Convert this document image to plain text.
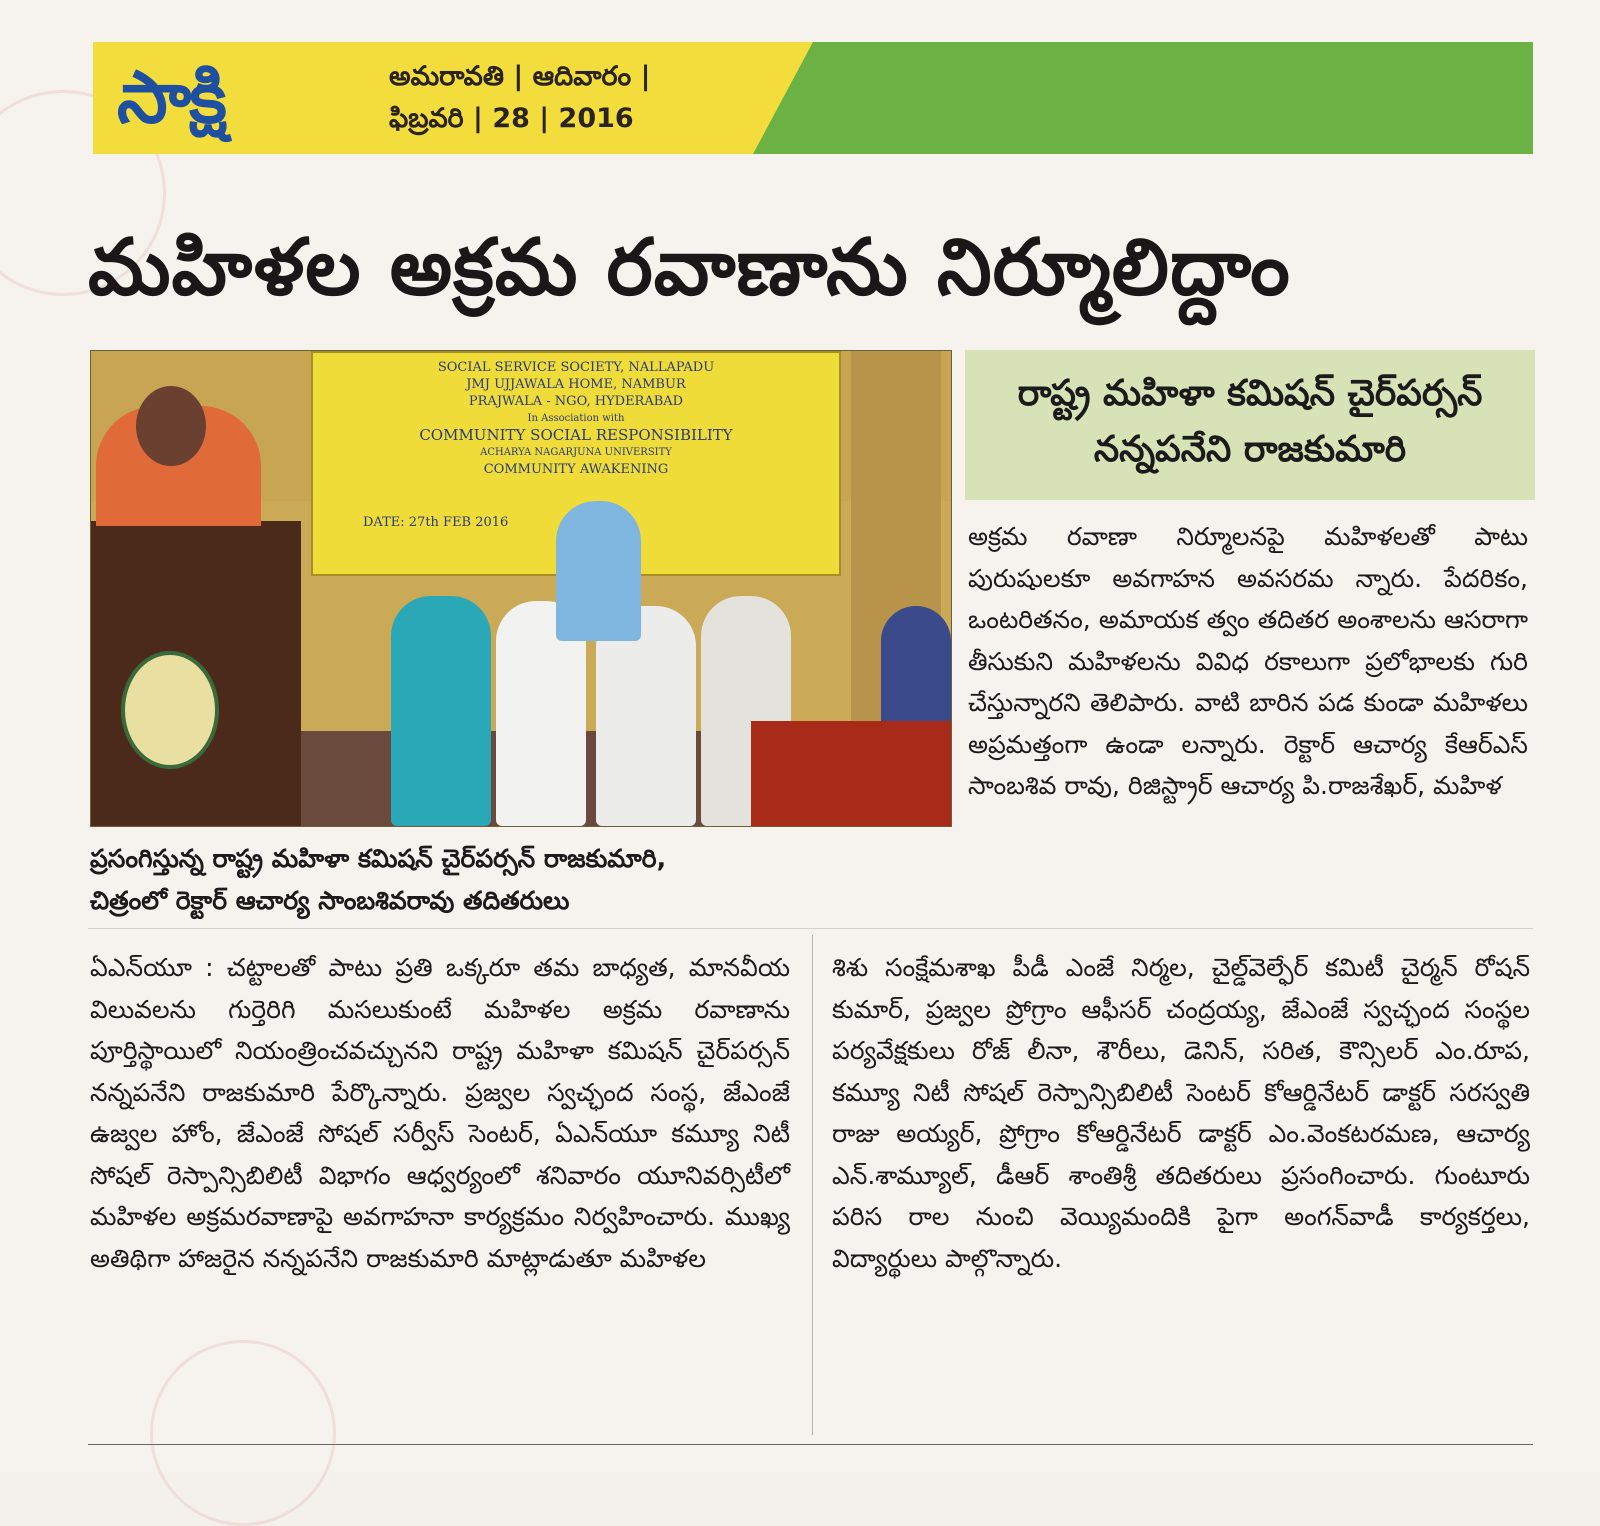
సాక్షి	అమరావతి | ఆదివారం |
ఫిబ్రవరి | 28 | 2016
మహిళల అక్రమ రవాణాను నిర్మూలిద్దాం
SOCIAL SERVICE SOCIETY, NALLAPADU
JMJ UJJAWALA HOME, NAMBUR
PRAJWALA - NGO, HYDERABAD
In Association with
COMMUNITY SOCIAL RESPONSIBILITY
ACHARYA NAGARJUNA UNIVERSITY
COMMUNITY AWAKENING
DATE: 27th FEB 2016
రాష్ట్ర మహిళా కమిషన్ చైర్‌పర్సన్
నన్నపనేని రాజకుమారి
అక్రమ రవాణా నిర్మూలనపై మహిళలతో పాటు పురుషులకూ అవగాహన అవసరమ న్నారు. పేదరికం, ఒంటరితనం, అమాయక త్వం తదితర అంశాలను ఆసరాగా తీసుకుని మహిళలను వివిధ రకాలుగా ప్రలోభాలకు గురి చేస్తున్నారని తెలిపారు. వాటి బారిన పడ కుండా మహిళలు అప్రమత్తంగా ఉండా లన్నారు. రెక్టార్ ఆచార్య కేఆర్ఎస్ సాంబశివ రావు, రిజిస్ట్రార్ ఆచార్య పి.రాజశేఖర్, మహిళ
ప్రసంగిస్తున్న రాష్ట్ర మహిళా కమిషన్ చైర్‌పర్సన్ రాజకుమారి,
చిత్రంలో రెక్టార్ ఆచార్య సాంబశివరావు తదితరులు
ఏఎన్‌యూ : చట్టాలతో పాటు ప్రతి ఒక్కరూ తమ బాధ్యత, మానవీయ విలువలను గుర్తెరిగి మసలుకుంటే మహిళల అక్రమ రవాణాను పూర్తిస్థాయిలో నియంత్రించవచ్చునని రాష్ట్ర మహిళా కమిషన్ చైర్‌పర్సన్ నన్నపనేని రాజకుమారి పేర్కొన్నారు. ప్రజ్వల స్వచ్ఛంద సంస్థ, జేఎంజే ఉజ్వల హోం, జేఎంజే సోషల్ సర్వీస్ సెంటర్, ఏఎన్‌యూ కమ్యూ నిటీ సోషల్ రెస్పాన్సిబిలిటీ విభాగం ఆధ్వర్యంలో శనివారం యూనివర్సిటీలో మహిళల అక్రమరవాణాపై అవగాహనా కార్యక్రమం నిర్వహించారు. ముఖ్య అతిథిగా హాజరైన నన్నపనేని రాజకుమారి మాట్లాడుతూ మహిళల
శిశు సంక్షేమశాఖ పీడీ ఎంజే నిర్మల, చైల్డ్‌వెల్ఫేర్ కమిటీ చైర్మన్ రోషన్ కుమార్, ప్రజ్వల ప్రోగ్రాం ఆఫీసర్ చంద్రయ్య, జేఎంజే స్వచ్ఛంద సంస్థల పర్యవేక్షకులు రోజ్ లీనా, శౌరీలు, డెనిన్, సరిత, కౌన్సిలర్ ఎం.రూప, కమ్యూ నిటీ సోషల్ రెస్పాన్సిబిలిటీ సెంటర్ కోఆర్డినేటర్ డాక్టర్ సరస్వతి రాజు అయ్యర్, ప్రోగ్రాం కోఆర్డినేటర్ డాక్టర్ ఎం.వెంకటరమణ, ఆచార్య ఎన్.శామ్యూల్, డీఆర్ శాంతిశ్రీ తదితరులు ప్రసంగించారు. గుంటూరు పరిస రాల నుంచి వెయ్యిమందికి పైగా అంగన్‌వాడీ కార్యకర్తలు, విద్యార్థులు పాల్గొన్నారు.
